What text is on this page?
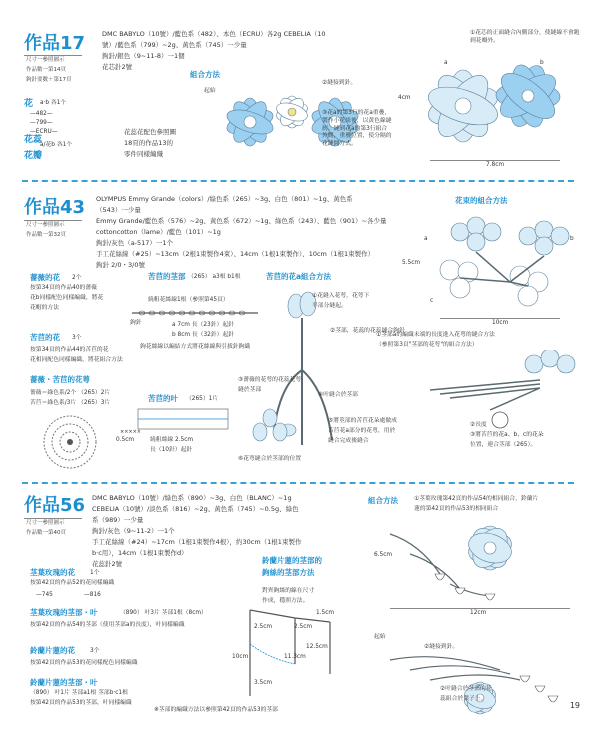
作品17
尺寸一參照圖示
作品數一第14頁
鉤針要數＋第17頁
DMC BABYLO（10號）/藍色系（482）、本色（ECRU）各2g CEBELIA（10
號）/藍色系（799）~2g、黃色系（745）一少量
鉤針/銀色（9~11-8）一1個
花芯針2號
組合方法
起始
花 a·b 各1个
—482—
—799—
—ECRU—
花蕊
a/花b 各1个
花瓣
花蕊花配色參照圖
18頁的作品13的
零件同樣編織
②縫接到針。
③花a的第3行的花a重疊，製作小花組後，以黃色線縫紉。縫到花a的第3行組合外側，重疊位置，使分隔的花鏈開方式。
4cm
①花芯的正面縫合內側部分，使縫線不會跑到花瓣外。
a	b
7.8cm
作品43
尺寸一參照圖示
作品數一第32頁
OLYMPUS Emmy Grande（colors）/綠色系（265）~3g、白色（801）~1g、黃色系
（543）一少量
Emmy Grande/藍色系（576）~2g、黃色系（672）~1g、綠色系（243）、藍色（901）~各少量
cottoncotton（lame）/藍色（101）~1g
鉤針/灰色（a-517）一1个
手工花絲線（#25）~13cm（2根1束製作4束）、14cm（1根1束製作）、10cm（1根1束製作）
鉤針 2/0・3/0號
花束的組合方法
薔薇的花 2个
按第34頁的作品40的薔薇
花b同樣配色同樣編織，將花
花帽的方法
苦苣的花 3个
按第34頁的作品44的苦苣的花
花相同配色同樣編織，將花組合方法
薔薇・苦苣的花萼
薔薇＝綠色系/2个 （265）2片
苦苣＝綠色系/3片 （265）3片
苦苣的茎部 （265） a3根 b1根
繞粗花絲線1根（參照第45頁）
鉤針	a 7cm 長（23針）起針
b 8cm 長（32針）起針
鉤花絲線以編結方式將花絲線與引拔針鉤織
苦苣的叶 （265）1片
×××××
0.5cm	繞粗絲線 2.5cm
長（10針）起針
苦苣的花a組合方法
①花縫入花萼，花萼下
半部分縫起。
②茎部，花蕊的花蕊縫合鉤針
③薔薇的花萼的花蕊花萼
縫於茎部
④叶縫合於茎部
⑤將莖部的苦苣花朵處做成
苦苣花a部分的花萼，用於
縫合完成後縫合
⑥花萼縫合於茎部的位置
a	b
c
5.5cm
10cm
①茎部a的編織末端的長度進入花萼的縫合方法
（參照第3頁"茎部的花萼"的組合方法）
②長度
③將苦苣的花a、b、c的花朵
位置，連合茎部（265）。
作品56
尺寸一參照圖示
作品數一第40頁
DMC BABYLO（10號）/綠色系（890）~3g、白色（BLANC）~1g
CEBELIA（10號）/淡色系（816）~2g、黃色系（745）~0.5g、綠色
系（989）一少量
鉤針/灰色（9~11-2）一1个
手工花絲線（#24）~17cm（1根1束製作4根），約30cm（1根1束製作
b·c用），14cm（1根1束製作d）
花蕊針2號
茎葉玫瑰的花	1个
按第42頁的作品52的花同樣編織
—745	—816
茎葉玫瑰的茎部・叶	（890） 叶3片 茎部1根（8cm）
按第42頁的作品54的茎部（使用茎部a的長度），叶同樣編織
鈴蘭片蓮的花	3个
按第42頁的作品53的花同樣配色同樣編織
鈴蘭片蓮的茎部・叶
（890） 叶1片 茎部a1根 茎部b·c1根
按第42頁的作品53的茎部，叶同樣編織
鈴蘭片蓮的茎部的
鉤絲的茎部方法
對齊鉤絲的線在尺寸
作成，穩照方法。
2.5cm
10cm
2.5cm
11.3cm
12.5cm
1.5cm
3.5cm
※茎部的編織方法以參照第42頁的作品53的茎部
組合方法	①茎葉玫瑰第42頁的作品54的相同組合，鈴蘭片
蓮的第42頁的作品53的相同組合
6.5cm
12cm
起始
②縫接到針。
②叶縫合於茎部的花
蕊組合於葉子上。
19
